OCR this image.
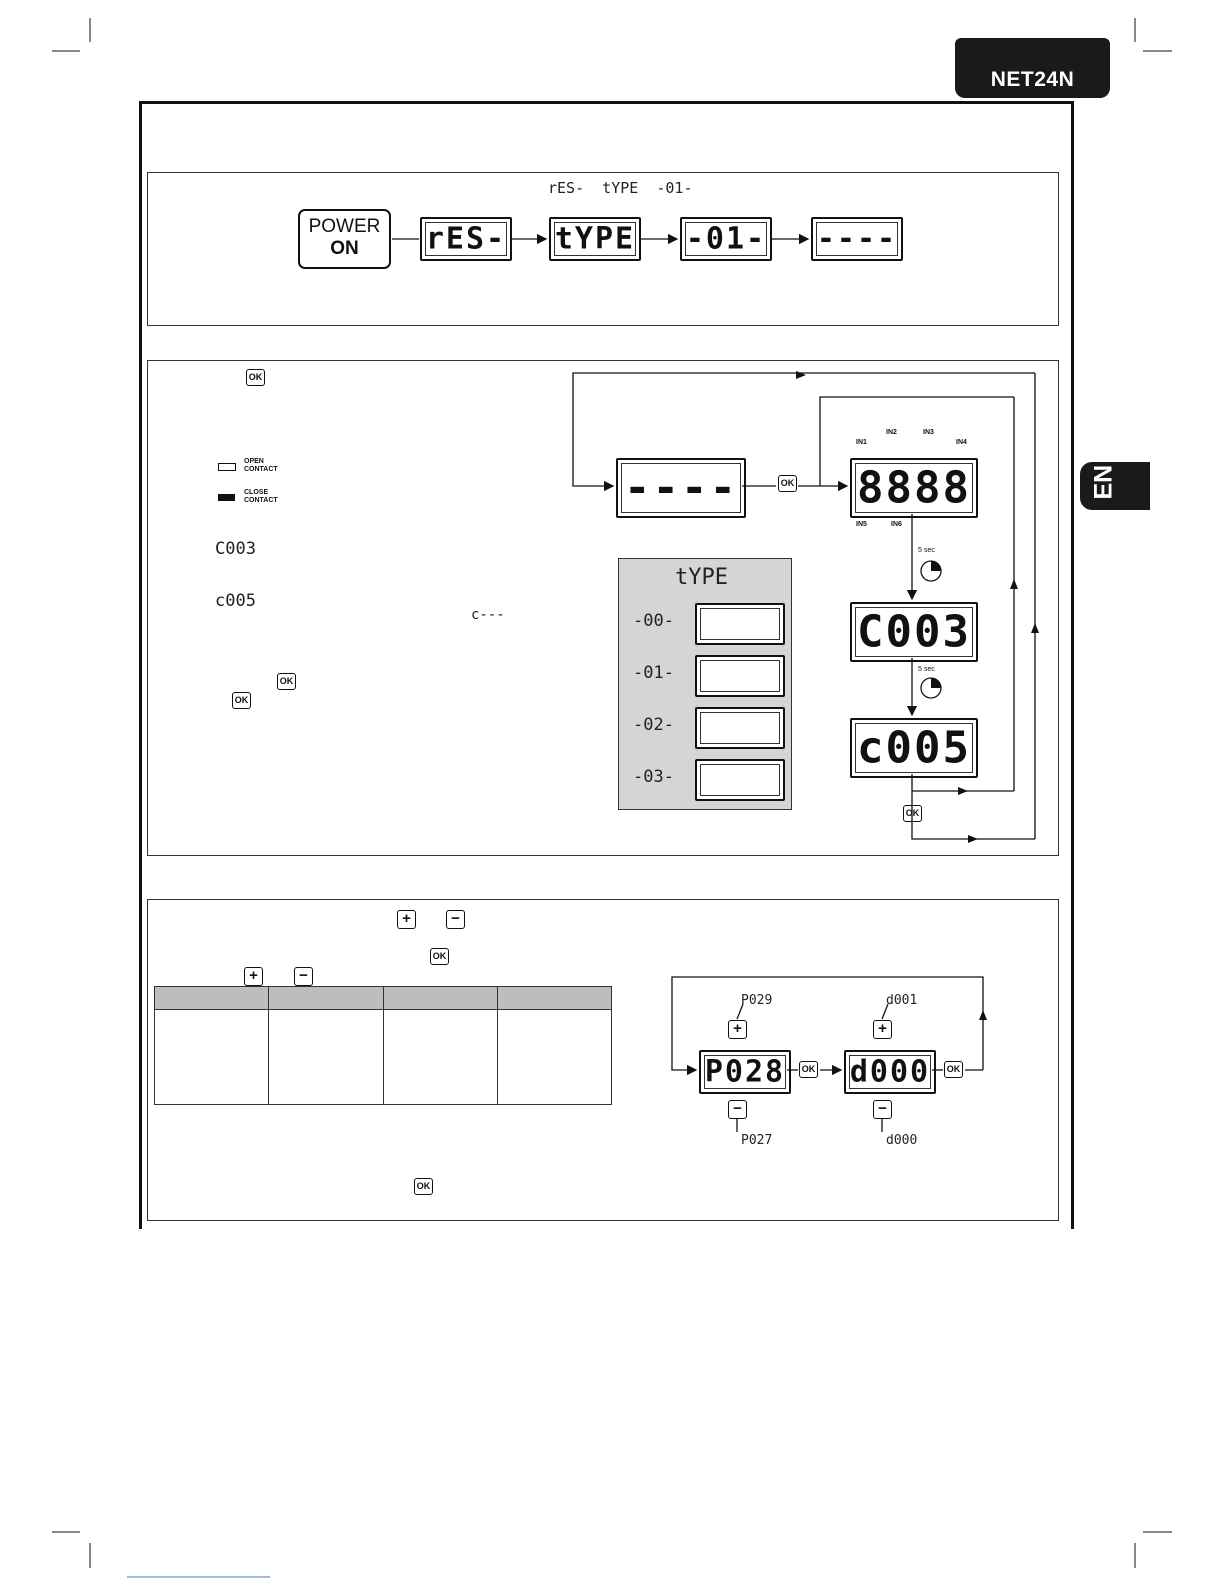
NET24N
EN
rES-  tYPE  -01-
POWER
ON	rES- tYPE -01- ----
OK
OPEN CONTACT
CLOSE CONTACT
C003
c005
c---
OK
OK
----	8888
C003
c005
IN1
IN2	IN3
IN4
IN5	IN6
5 sec
5 sec
OK
OK
tYPE
-00-
-01-
-02-
-03-
+	−
OK
+	−
OK
P028 d000
P029
P027
d001
d000
+
−
+
−
OK	OK
